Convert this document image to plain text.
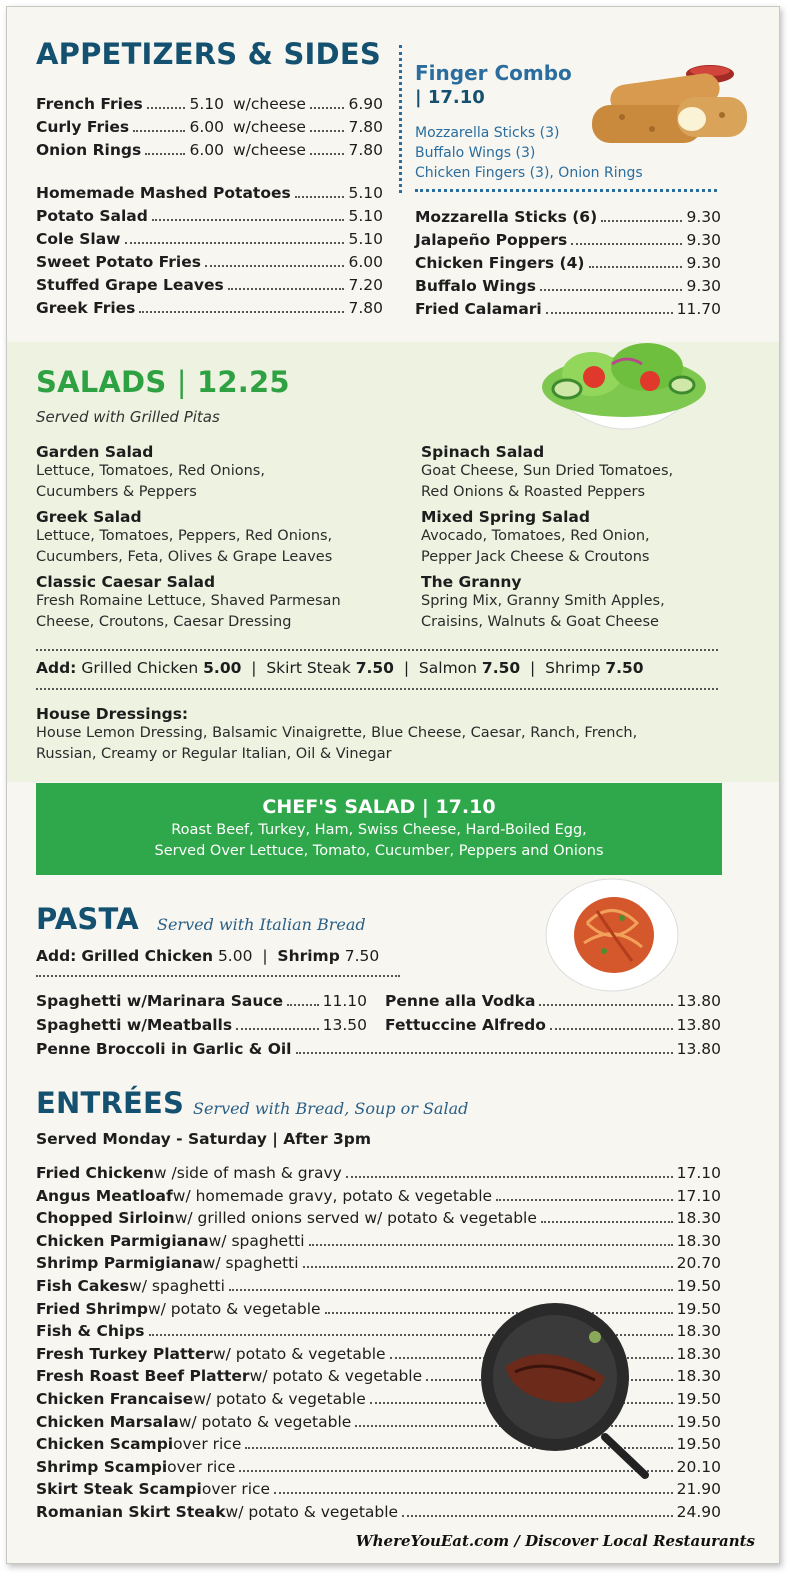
APPETIZERS & SIDES
French Fries	5.10 w/cheese	6.90
Curly Fries	6.00 w/cheese	7.80
Onion Rings	6.00 w/cheese	7.80
Homemade Mashed Potatoes	5.10
Potato Salad	5.10
Cole Slaw	5.10
Sweet Potato Fries	6.00
Stuffed Grape Leaves	7.20
Greek Fries	7.80
Finger Combo
| 17.10
Mozzarella Sticks (3)
Buffalo Wings (3)
Chicken Fingers (3), Onion Rings
Mozzarella Sticks (6)	9.30
Jalapeño Poppers	9.30
Chicken Fingers (4)	9.30
Buffalo Wings	9.30
Fried Calamari	11.70
SALADS | 12.25
Served with Grilled Pitas
Garden Salad
Lettuce, Tomatoes, Red Onions,
Cucumbers & Peppers
Spinach Salad
Goat Cheese, Sun Dried Tomatoes,
Red Onions & Roasted Peppers
Greek Salad
Lettuce, Tomatoes, Peppers, Red Onions,
Cucumbers, Feta, Olives & Grape Leaves
Mixed Spring Salad
Avocado, Tomatoes, Red Onion,
Pepper Jack Cheese & Croutons
Classic Caesar Salad
Fresh Romaine Lettuce, Shaved Parmesan
Cheese, Croutons, Caesar Dressing
The Granny
Spring Mix, Granny Smith Apples,
Craisins, Walnuts & Goat Cheese
Add: Grilled Chicken 5.00 | Skirt Steak 7.50 | Salmon 7.50 | Shrimp 7.50
House Dressings:
House Lemon Dressing, Balsamic Vinaigrette, Blue Cheese, Caesar, Ranch, French,
Russian, Creamy or Regular Italian, Oil & Vinegar
CHEF'S SALAD | 17.10
Roast Beef, Turkey, Ham, Swiss Cheese, Hard-Boiled Egg,
Served Over Lettuce, Tomato, Cucumber, Peppers and Onions
PASTA Served with Italian Bread
Add: Grilled Chicken 5.00 | Shrimp 7.50
Spaghetti w/Marinara Sauce	11.10 Penne alla Vodka	13.80
Spaghetti w/Meatballs	13.50 Fettuccine Alfredo	13.80
Penne Broccoli in Garlic & Oil	13.80
ENTRÉES Served with Bread, Soup or Salad
Served Monday - Saturday | After 3pm
Fried Chicken w /side of mash & gravy	17.10
Angus Meatloaf w/ homemade gravy, potato & vegetable	17.10
Chopped Sirloin w/ grilled onions served w/ potato & vegetable	18.30
Chicken Parmigiana w/ spaghetti	18.30
Shrimp Parmigiana w/ spaghetti	20.70
Fish Cakes w/ spaghetti	19.50
Fried Shrimp w/ potato & vegetable	19.50
Fish & Chips	18.30
Fresh Turkey Platter w/ potato & vegetable	18.30
Fresh Roast Beef Platter w/ potato & vegetable	18.30
Chicken Francaise w/ potato & vegetable	19.50
Chicken Marsala w/ potato & vegetable	19.50
Chicken Scampi over rice	19.50
Shrimp Scampi over rice	20.10
Skirt Steak Scampi over rice	21.90
Romanian Skirt Steak w/ potato & vegetable	24.90
WhereYouEat.com / Discover Local Restaurants
